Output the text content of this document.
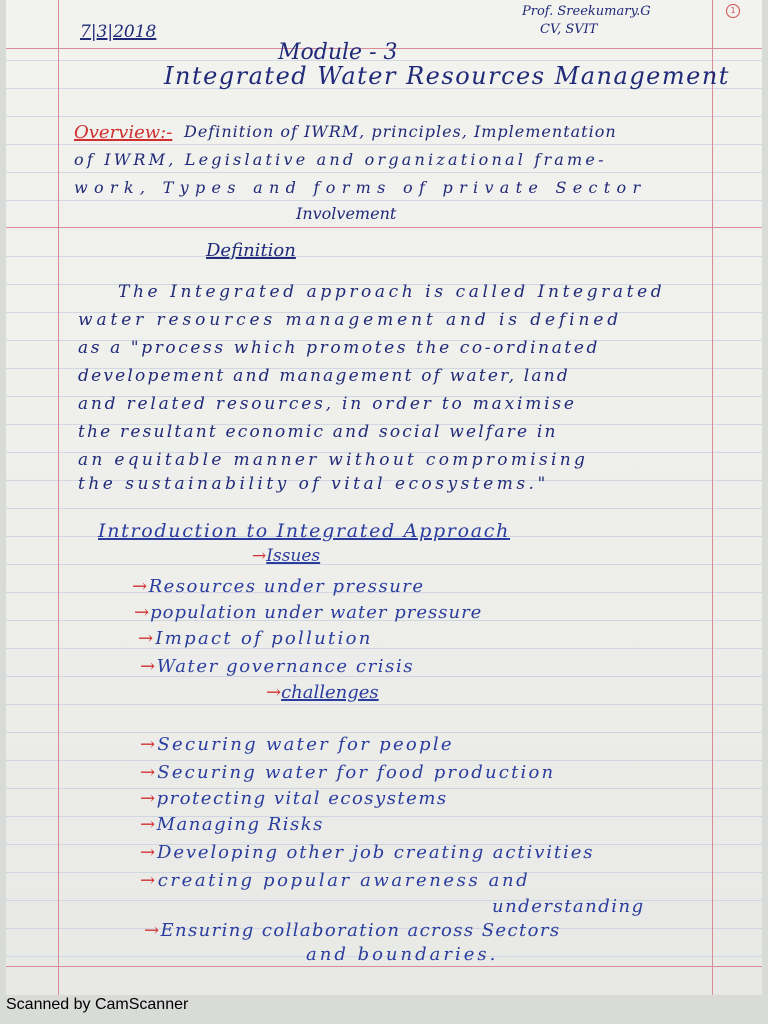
1
7|3|2018
Prof. Sreekumary.G
CV, SVIT
Module - 3
Integrated Water Resources Management
Overview:- Definition of IWRM, principles, Implementation
of IWRM, Legislative and organizational frame-
work, Types and forms of private Sector
Involvement
Definition
The Integrated approach is called Integrated
water resources management and is defined
as a "process which promotes the co-ordinated
developement and management of water, land
and related resources, in order to maximise
the resultant economic and social welfare in
an equitable manner without compromising
the sustainability of vital ecosystems."
Introduction to Integrated Approach
→Issues
→Resources under pressure
→population under water pressure
→Impact of pollution
→Water governance crisis
→challenges
→Securing water for people
→Securing water for food production
→protecting vital ecosystems
→Managing Risks
→Developing other job creating activities
→creating popular awareness and
understanding
→Ensuring collaboration across Sectors
and boundaries.
Scanned by CamScanner
